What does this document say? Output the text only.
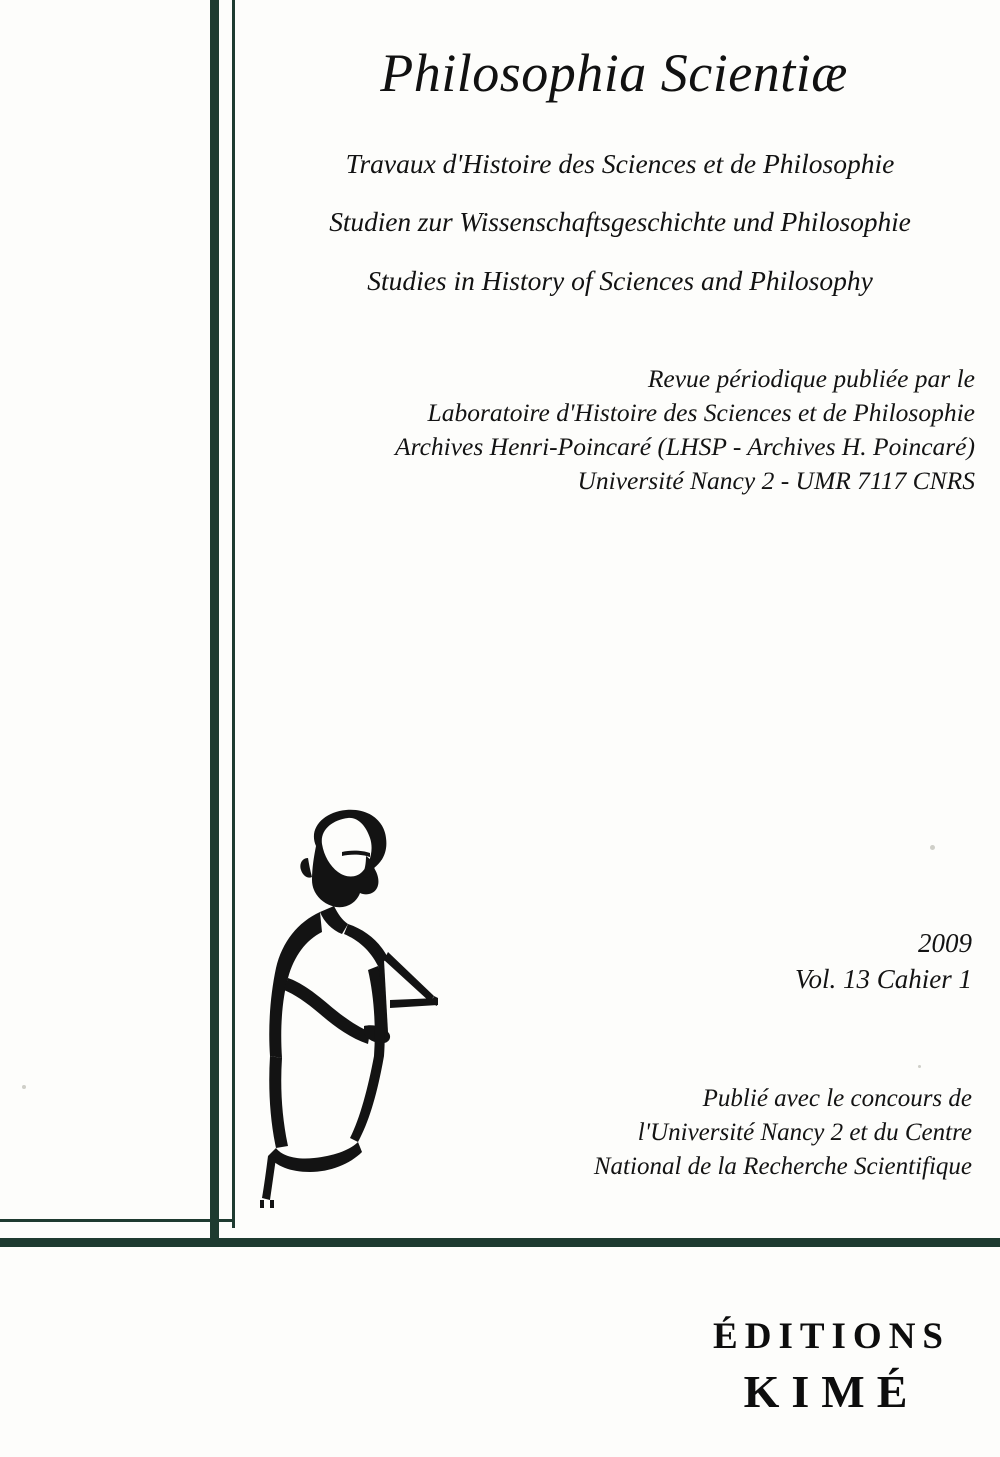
Philosophia Scientiæ
Travaux d'Histoire des Sciences et de Philosophie
Studien zur Wissenschaftsgeschichte und Philosophie
Studies in History of Sciences and Philosophy
Revue périodique publiée par le
Laboratoire d'Histoire des Sciences et de Philosophie
Archives Henri-Poincaré (LHSP - Archives H. Poincaré)
Université Nancy 2 - UMR 7117 CNRS
2009
Vol. 13 Cahier 1
Publié avec le concours de
l'Université Nancy 2 et du Centre
National de la Recherche Scientifique
ÉDITIONS
KIMÉ
